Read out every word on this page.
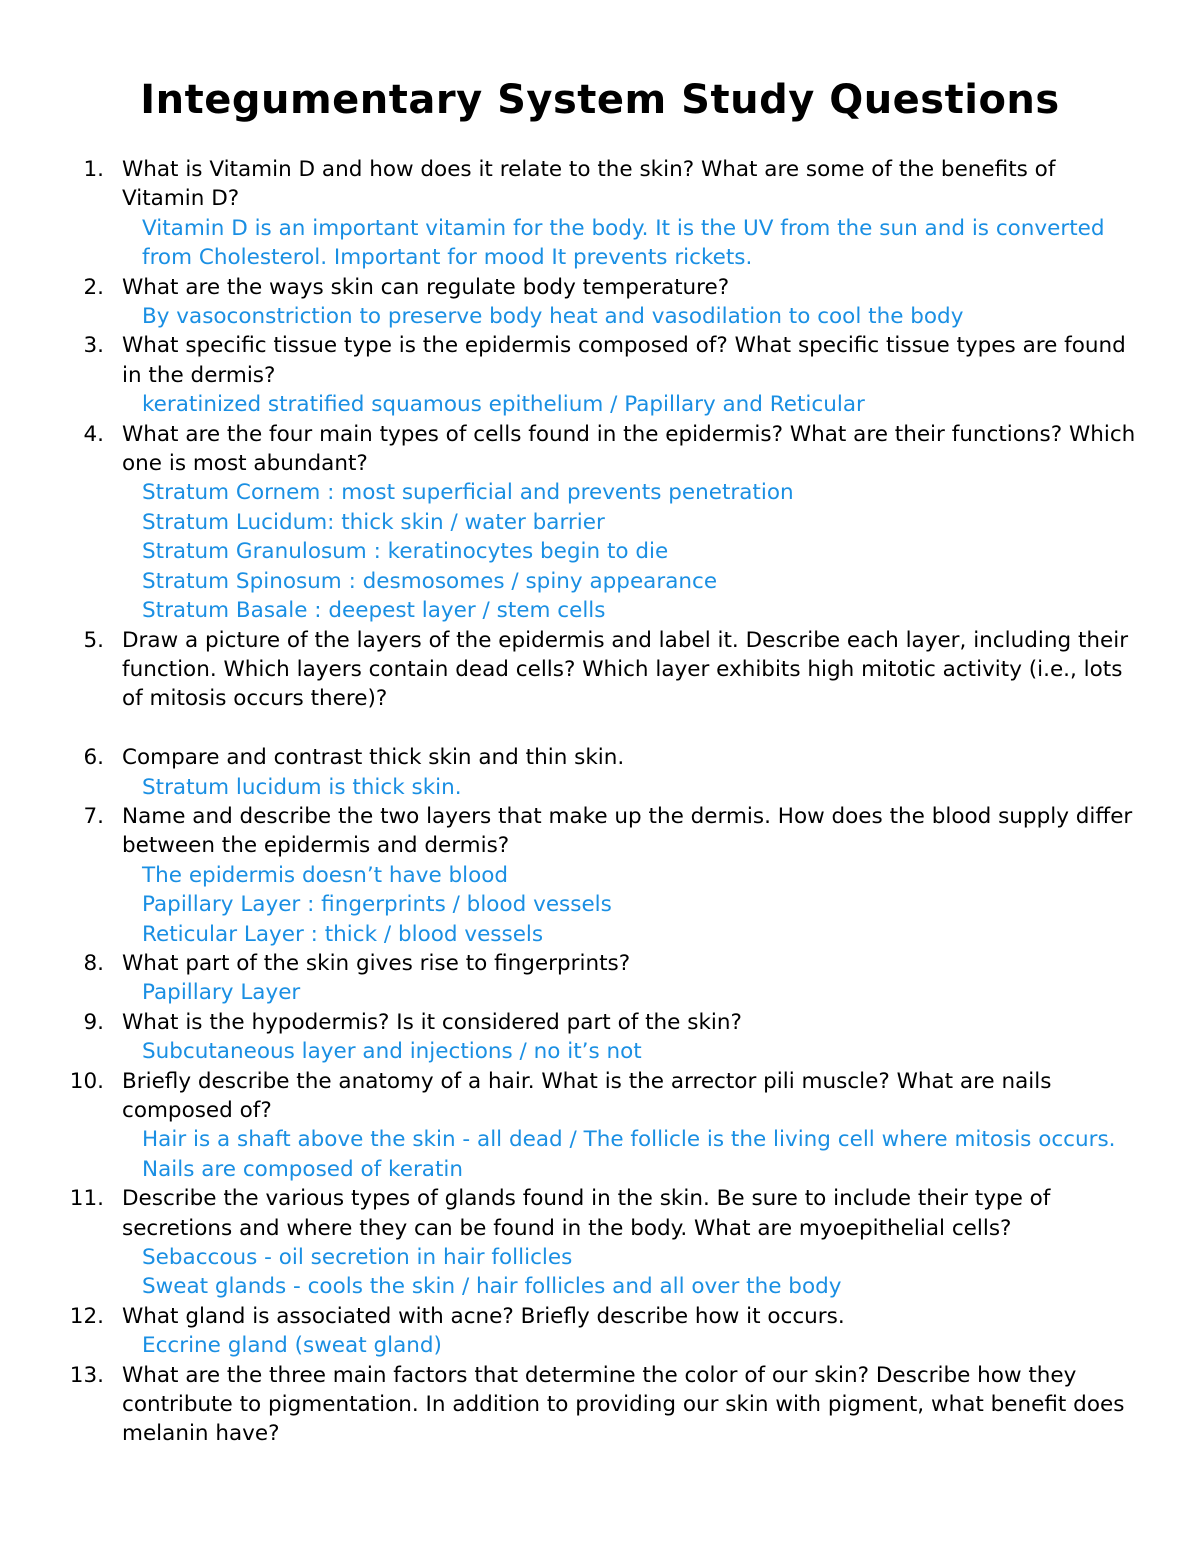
Integumentary System Study Questions
1. What is Vitamin D and how does it relate to the skin? What are some of the benefits of Vitamin D?
Vitamin D is an important vitamin for the body. It is the UV from the sun and is converted from Cholesterol. Important for mood It prevents rickets.
2. What are the ways skin can regulate body temperature?
By vasoconstriction to preserve body heat and vasodilation to cool the body
3. What specific tissue type is the epidermis composed of? What specific tissue types are found in the dermis?
keratinized stratified squamous epithelium / Papillary and Reticular
4. What are the four main types of cells found in the epidermis? What are their functions? Which one is most abundant?
Stratum Cornem : most superficial and prevents penetration
Stratum Lucidum: thick skin / water barrier
Stratum Granulosum : keratinocytes begin to die
Stratum Spinosum : desmosomes / spiny appearance
Stratum Basale : deepest layer / stem cells
5. Draw a picture of the layers of the epidermis and label it. Describe each layer, including their function. Which layers contain dead cells? Which layer exhibits high mitotic activity (i.e., lots of mitosis occurs there)?
6. Compare and contrast thick skin and thin skin.
Stratum lucidum is thick skin.
7. Name and describe the two layers that make up the dermis. How does the blood supply differ between the epidermis and dermis?
The epidermis doesn’t have blood
Papillary Layer : fingerprints / blood vessels
Reticular Layer : thick / blood vessels
8. What part of the skin gives rise to fingerprints?
Papillary Layer
9. What is the hypodermis? Is it considered part of the skin?
Subcutaneous layer and injections / no it’s not
10. Briefly describe the anatomy of a hair. What is the arrector pili muscle? What are nails composed of?
Hair is a shaft above the skin - all dead / The follicle is the living cell where mitosis occurs. Nails are composed of keratin
11. Describe the various types of glands found in the skin. Be sure to include their type of secretions and where they can be found in the body. What are myoepithelial cells?
Sebaccous - oil secretion in hair follicles
Sweat glands - cools the skin / hair follicles and all over the body
12. What gland is associated with acne? Briefly describe how it occurs.
Eccrine gland (sweat gland)
13. What are the three main factors that determine the color of our skin? Describe how they contribute to pigmentation. In addition to providing our skin with pigment, what benefit does melanin have?
